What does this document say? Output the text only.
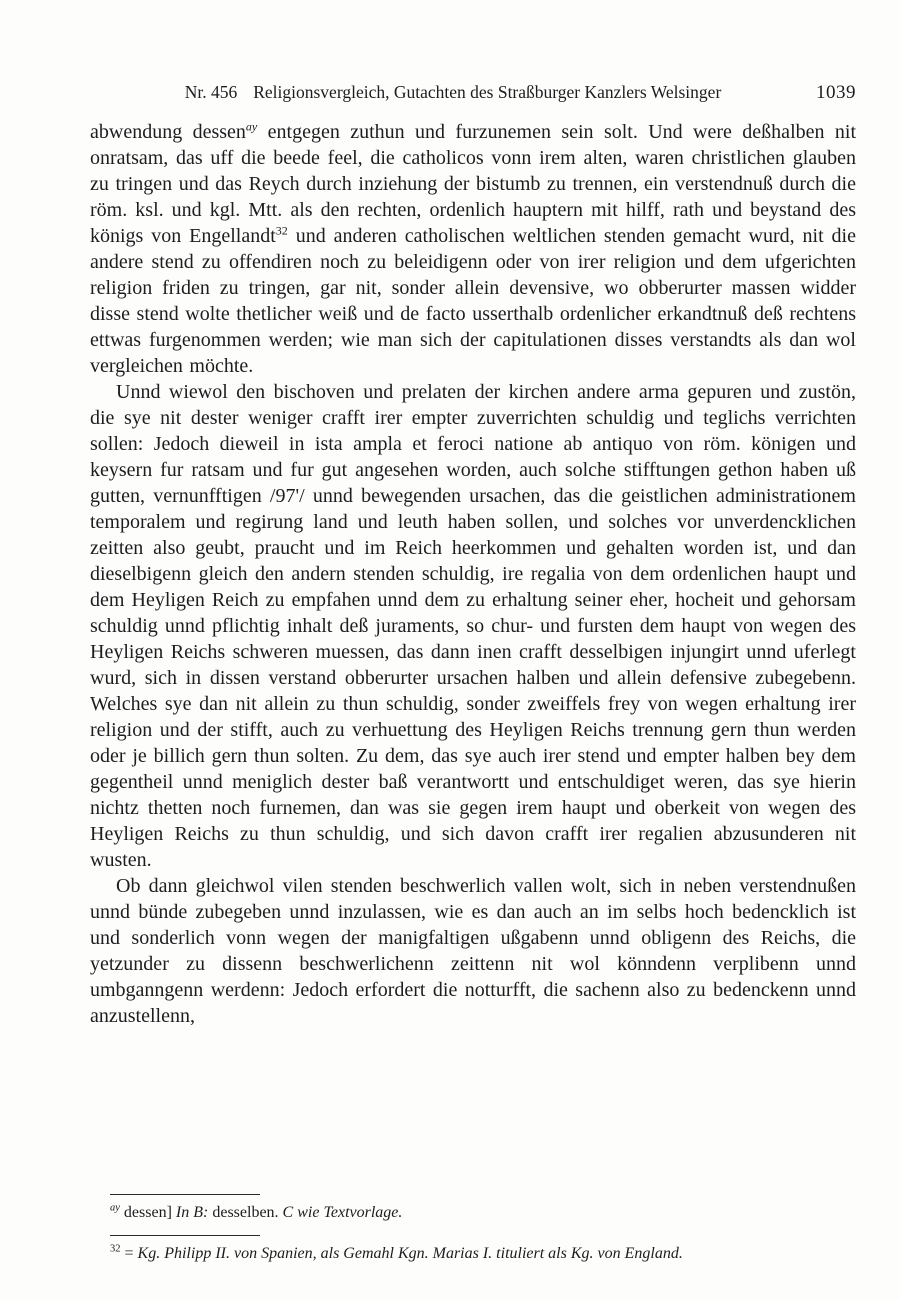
Nr. 456 Religionsvergleich, Gutachten des Straßburger Kanzlers Welsinger	1039

abwendung dessen$^{ay}$ entgegen zuthun und furzunemen sein solt. Und were deßhalben nit onratsam, das uff die beede feel, die catholicos vonn irem alten, waren christlichen glauben zu tringen und das Reych durch inziehung der bistumb zu trennen, ein verstendnuß durch die röm. ksl. und kgl. Mtt. als den rechten, ordenlich hauptern mit hilff, rath und beystand des königs von Engellandt$^{32}$ und anderen catholischen weltlichen stenden gemacht wurd, nit die andere stend zu offendiren noch zu beleidigenn oder von irer religion und dem ufgerichten religion friden zu tringen, gar nit, sonder allein devensive, wo obberurter massen widder disse stend wolte thetlicher weiß und de facto usserthalb ordenlicher erkandtnuß deß rechtens ettwas furgenommen werden; wie man sich der capitulationen disses verstandts als dan wol vergleichen möchte.

Unnd wiewol den bischoven und prelaten der kirchen andere arma gepuren und zustön, die sye nit dester weniger crafft irer empter zuverrichten schuldig und teglichs verrichten sollen: Jedoch dieweil in ista ampla et feroci natione ab antiquo von röm. königen und keysern fur ratsam und fur gut angesehen worden, auch solche stifftungen gethon haben uß gutten, vernunfftigen /97'/ unnd bewegenden ursachen, das die geistlichen administrationem temporalem und regirung land und leuth haben sollen, und solches vor unverdencklichen zeitten also geubt, praucht und im Reich heerkommen und gehalten worden ist, und dan dieselbigenn gleich den andern stenden schuldig, ire regalia von dem ordenlichen haupt und dem Heyligen Reich zu empfahen unnd dem zu erhaltung seiner eher, hocheit und gehorsam schuldig unnd pflichtig inhalt deß juraments, so chur- und fursten dem haupt von wegen des Heyligen Reichs schweren muessen, das dann inen crafft desselbigen injungirt unnd uferlegt wurd, sich in dissen verstand obberurter ursachen halben und allein defensive zubegebenn. Welches sye dan nit allein zu thun schuldig, sonder zweiffels frey von wegen erhaltung irer religion und der stifft, auch zu verhuettung des Heyligen Reichs trennung gern thun werden oder je billich gern thun solten. Zu dem, das sye auch irer stend und empter halben bey dem gegentheil unnd meniglich dester baß verantwortt und entschuldiget weren, das sye hierin nichtz thetten noch furnemen, dan was sie gegen irem haupt und oberkeit von wegen des Heyligen Reichs zu thun schuldig, und sich davon crafft irer regalien abzusunderen nit wusten.

Ob dann gleichwol vilen stenden beschwerlich vallen wolt, sich in neben verstendnußen unnd bünde zubegeben unnd inzulassen, wie es dan auch an im selbs hoch bedencklich ist und sonderlich vonn wegen der manigfaltigen ußgabenn unnd obligenn des Reichs, die yetzunder zu dissenn beschwerlichenn zeittenn nit wol könndenn verplibenn unnd umbganngenn werdenn: Jedoch erfordert die notturfft, die sachenn also zu bedenckenn unnd anzustellenn,

$^{ay}$ dessen] In B: desselben. C wie Textvorlage.

$^{32}$ = Kg. Philipp II. von Spanien, als Gemahl Kgn. Marias I. tituliert als Kg. von England.
